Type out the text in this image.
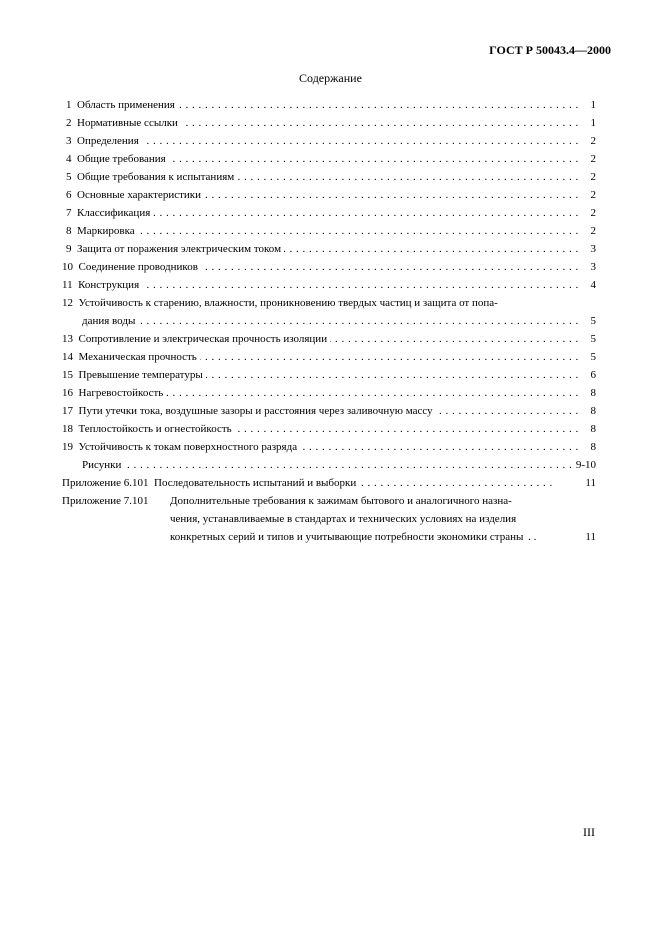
ГОСТ Р 50043.4—2000
Содержание
1 Область применения	1
. . .
2 Нормативные ссылки	1
. . .
3 Определения	2
. . .
4 Общие требования	2
. . .
5 Общие требования к испытаниям	2
. . .
6 Основные характеристики	2
. . .
7 Классификация	2
. . .
8 Маркировка	2
. . .
9 Защита от поражения электрическим током	3
. . .
10 Соединение проводников	3
. . .
11 Конструкция	4
. . .
12 Устойчивость к старению, влажности, проникновению твердых частиц и защита от попа-
дания воды	5
. . .
13 Сопротивление и электрическая прочность изоляции	5
. . .
14 Механическая прочность	5
. . .
15 Превышение температуры	6
. . .
16 Нагревостойкость	8
. . .
17 Пути утечки тока, воздушные зазоры и расстояния через заливочную массу	8
. . .
18 Теплостойкость и огнестойкость	8
. . .
19 Устойчивость к токам поверхностного разряда	8
. . .
Рисунки	9-10
. . .
Приложение 6.101 Последовательность испытаний и выборки	11
. . .
Приложение 7.101 Дополнительные требования к зажимам бытового и аналогичного назна-
чения, устанавливаемые в стандартах и технических условиях на изделия
конкретных серий и типов и учитывающие потребности экономики страны . .	11
III
